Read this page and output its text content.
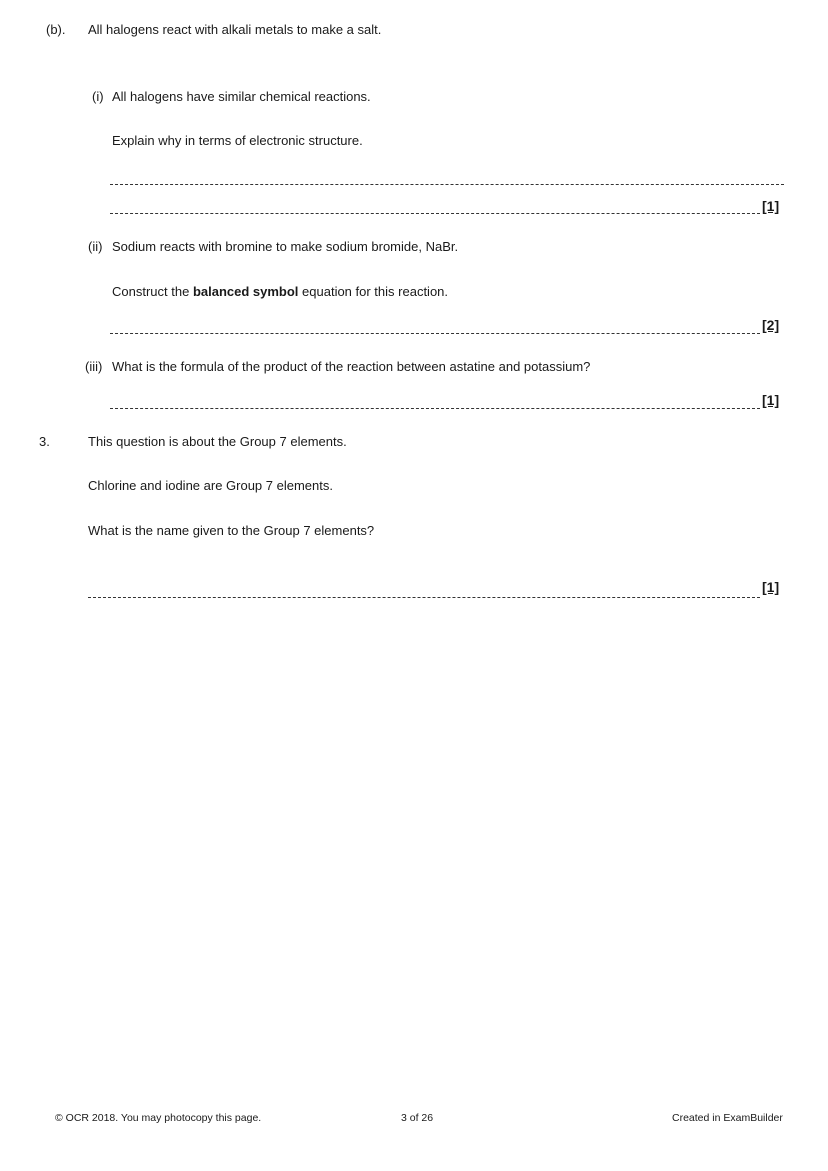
(b). All halogens react with alkali metals to make a salt.
(i) All halogens have similar chemical reactions.
Explain why in terms of electronic structure.
[1]
(ii) Sodium reacts with bromine to make sodium bromide, NaBr.
Construct the balanced symbol equation for this reaction.
[2]
(iii) What is the formula of the product of the reaction between astatine and potassium?
[1]
3.	This question is about the Group 7 elements.
Chlorine and iodine are Group 7 elements.
What is the name given to the Group 7 elements?
[1]
© OCR 2018. You may photocopy this page.	3 of 26	Created in ExamBuilder
